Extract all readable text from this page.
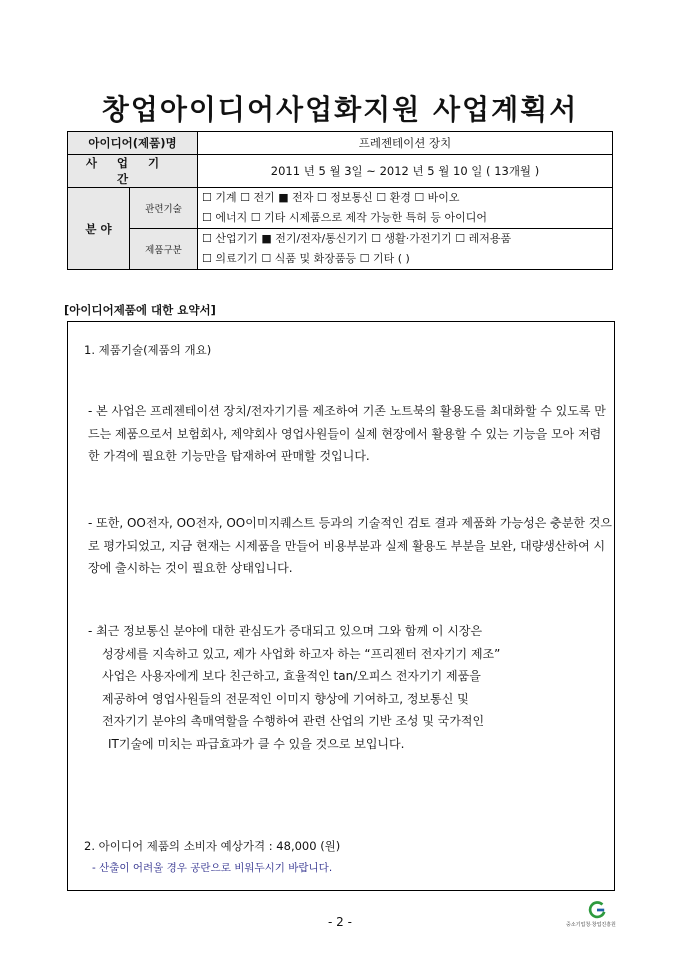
창업아이디어사업화지원 사업계획서
아이디어(제품)명		프레젠테이션 장치
사업기간		2011 년 5 월 3일 ~ 2012 년 5 월 10 일 ( 13개월 )
분 야	관련기술	☐ 기계 ☐ 전기 ■ 전자 ☐ 정보통신 ☐ 환경 ☐ 바이오
☐ 에너지 ☐ 기타 시제품으로 제작 가능한 특허 등 아이디어

	제품구분	☐ 산업기기 ■ 전기/전자/통신기기 ☐ 생활·가전기기 ☐ 레저용품
☐ 의료기기 ☐ 식품 및 화장품등 ☐ 기타 ( )
[아이디어제품에 대한 요약서]
1. 제품기술(제품의 개요)
- 본 사업은 프레젠테이션 장치/전자기기를 제조하여 기존 노트북의 활용도를 최대화할 수 있도록 만드는 제품으로서 보험회사, 제약회사 영업사원들이 실제 현장에서 활용할 수 있는 기능을 모아 저렴한 가격에 필요한 기능만을 탑재하여 판매할 것입니다.
- 또한, OO전자, OO전자, OO이미지퀘스트 등과의 기술적인 검토 결과 제품화 가능성은 충분한 것으로 평가되었고, 지금 현재는 시제품을 만들어 비용부분과 실제 활용도 부분을 보완, 대량생산하여 시장에 출시하는 것이 필요한 상태입니다.
- 최근 정보통신 분야에 대한 관심도가 증대되고 있으며 그와 함께 이 시장은
성장세를 지속하고 있고, 제가 사업화 하고자 하는 “프리젠터 전자기기 제조”
사업은 사용자에게 보다 친근하고, 효율적인 tan/오피스 전자기기 제품을
제공하여 영업사원들의 전문적인 이미지 향상에 기여하고, 정보통신 및
전자기기 분야의 촉매역할을 수행하여 관련 산업의 기반 조성 및 국가적인
IT기술에 미치는 파급효과가 클 수 있을 것으로 보입니다.
2. 아이디어 제품의 소비자 예상가격 : 48,000 (원)
- 산출이 어려울 경우 공란으로 비워두시기 바랍니다.
- 2 -	중소기업청·창업진흥원
